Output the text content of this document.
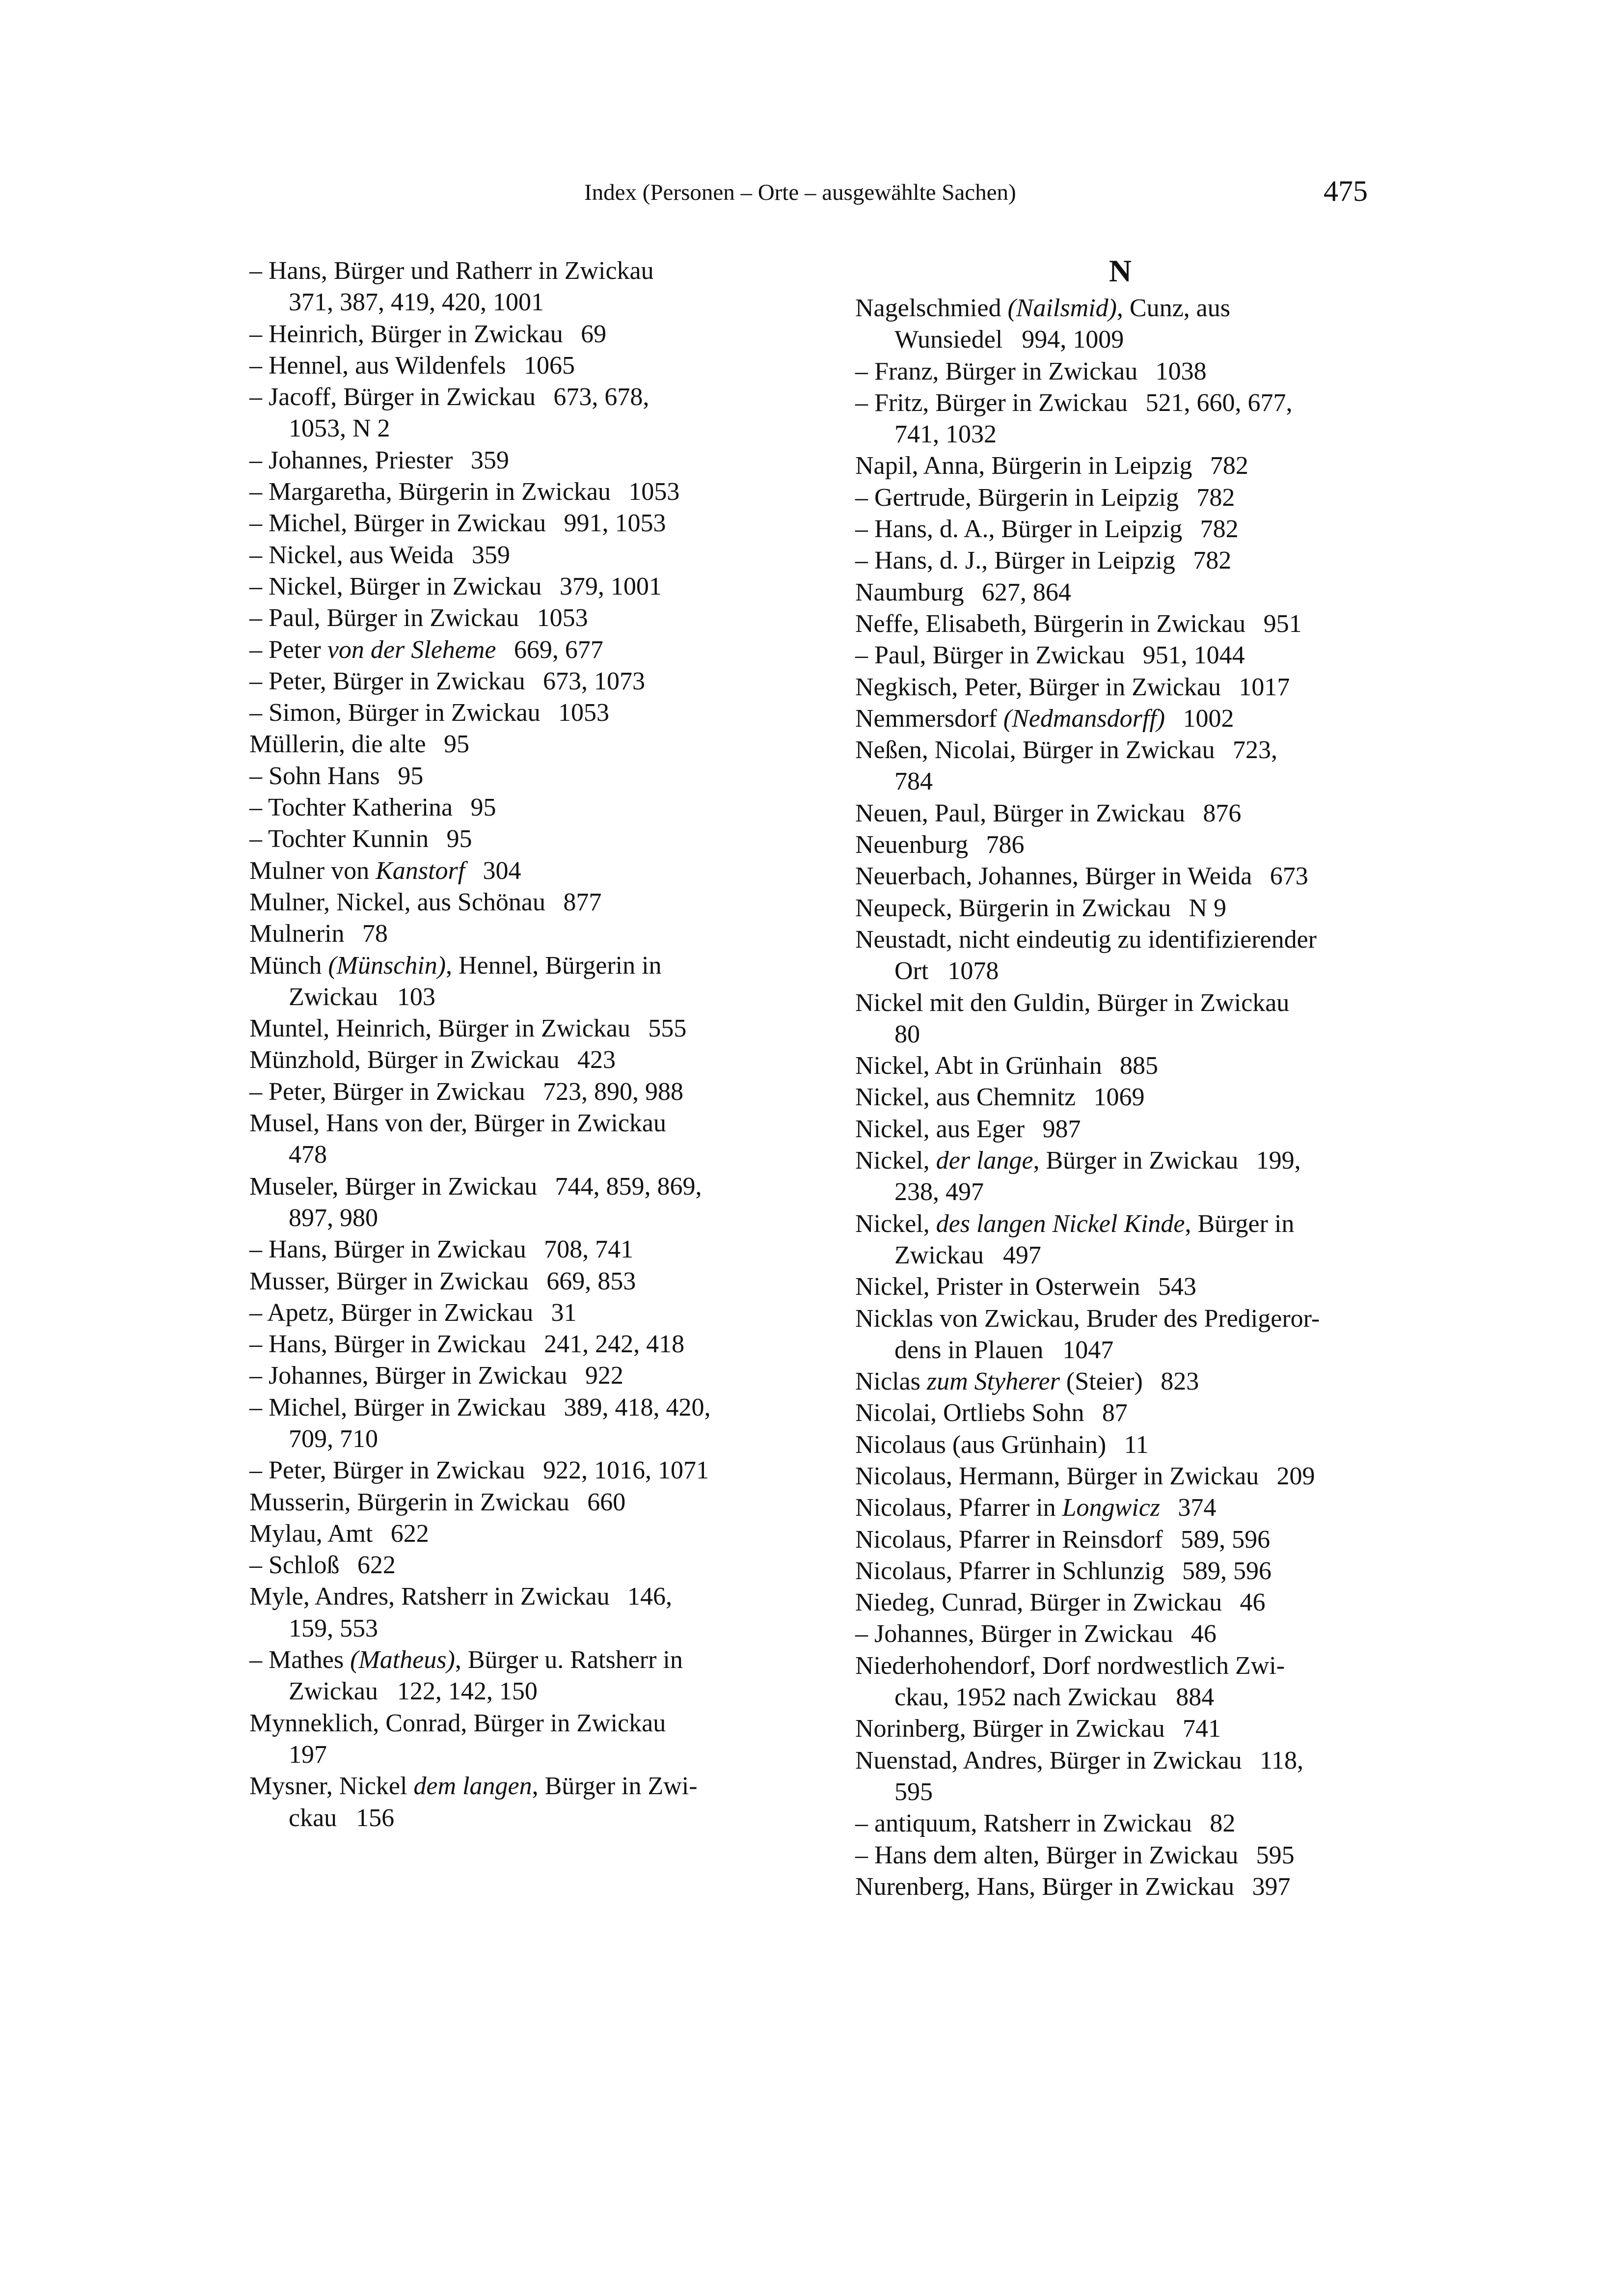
Index (Personen – Orte – ausgewählte Sachen)	475
– Hans, Bürger und Ratherr in Zwickau
371, 387, 419, 420, 1001
– Heinrich, Bürger in Zwickau 69
– Hennel, aus Wildenfels 1065
– Jacoff, Bürger in Zwickau 673, 678,
1053, N 2
– Johannes, Priester 359
– Margaretha, Bürgerin in Zwickau 1053
– Michel, Bürger in Zwickau 991, 1053
– Nickel, aus Weida 359
– Nickel, Bürger in Zwickau 379, 1001
– Paul, Bürger in Zwickau 1053
– Peter von der Sleheme 669, 677
– Peter, Bürger in Zwickau 673, 1073
– Simon, Bürger in Zwickau 1053
Müllerin, die alte 95
– Sohn Hans 95
– Tochter Katherina 95
– Tochter Kunnin 95
Mulner von Kanstorf 304
Mulner, Nickel, aus Schönau 877
Mulnerin 78
Münch (Münschin), Hennel, Bürgerin in
Zwickau   103
Muntel, Heinrich, Bürger in Zwickau 555
Münzhold, Bürger in Zwickau 423
– Peter, Bürger in Zwickau 723, 890, 988
Musel, Hans von der, Bürger in Zwickau
478
Museler, Bürger in Zwickau 744, 859, 869,
897, 980
– Hans, Bürger in Zwickau 708, 741
Musser, Bürger in Zwickau 669, 853
– Apetz, Bürger in Zwickau 31
– Hans, Bürger in Zwickau 241, 242, 418
– Johannes, Bürger in Zwickau 922
– Michel, Bürger in Zwickau 389, 418, 420,
709, 710
– Peter, Bürger in Zwickau 922, 1016, 1071
Musserin, Bürgerin in Zwickau 660
Mylau, Amt 622
– Schloß 622
Myle, Andres, Ratsherr in Zwickau 146,
159, 553
– Mathes (Matheus), Bürger u. Ratsherr in
Zwickau   122, 142, 150
Mynneklich, Conrad, Bürger in Zwickau
197
Mysner, Nickel dem langen, Bürger in Zwi-
ckau   156
N
Nagelschmied (Nailsmid), Cunz, aus
Wunsiedel   994, 1009
– Franz, Bürger in Zwickau 1038
– Fritz, Bürger in Zwickau 521, 660, 677,
741, 1032
Napil, Anna, Bürgerin in Leipzig 782
– Gertrude, Bürgerin in Leipzig 782
– Hans, d. A., Bürger in Leipzig 782
– Hans, d. J., Bürger in Leipzig 782
Naumburg 627, 864
Neffe, Elisabeth, Bürgerin in Zwickau 951
– Paul, Bürger in Zwickau 951, 1044
Negkisch, Peter, Bürger in Zwickau 1017
Nemmersdorf (Nedmansdorff) 1002
Neßen, Nicolai, Bürger in Zwickau 723,
784
Neuen, Paul, Bürger in Zwickau 876
Neuenburg 786
Neuerbach, Johannes, Bürger in Weida 673
Neupeck, Bürgerin in Zwickau N 9
Neustadt, nicht eindeutig zu identifizierender
Ort   1078
Nickel mit den Guldin, Bürger in Zwickau
80
Nickel, Abt in Grünhain 885
Nickel, aus Chemnitz 1069
Nickel, aus Eger 987
Nickel, der lange, Bürger in Zwickau 199,
238, 497
Nickel, des langen Nickel Kinde, Bürger in
Zwickau   497
Nickel, Prister in Osterwein 543
Nicklas von Zwickau, Bruder des Predigeror-
dens in Plauen   1047
Niclas zum Styherer (Steier) 823
Nicolai, Ortliebs Sohn 87
Nicolaus (aus Grünhain) 11
Nicolaus, Hermann, Bürger in Zwickau 209
Nicolaus, Pfarrer in Longwicz 374
Nicolaus, Pfarrer in Reinsdorf 589, 596
Nicolaus, Pfarrer in Schlunzig 589, 596
Niedeg, Cunrad, Bürger in Zwickau 46
– Johannes, Bürger in Zwickau 46
Niederhohendorf, Dorf nordwestlich Zwi-
ckau, 1952 nach Zwickau   884
Norinberg, Bürger in Zwickau 741
Nuenstad, Andres, Bürger in Zwickau 118,
595
– antiquum, Ratsherr in Zwickau 82
– Hans dem alten, Bürger in Zwickau 595
Nurenberg, Hans, Bürger in Zwickau 397
